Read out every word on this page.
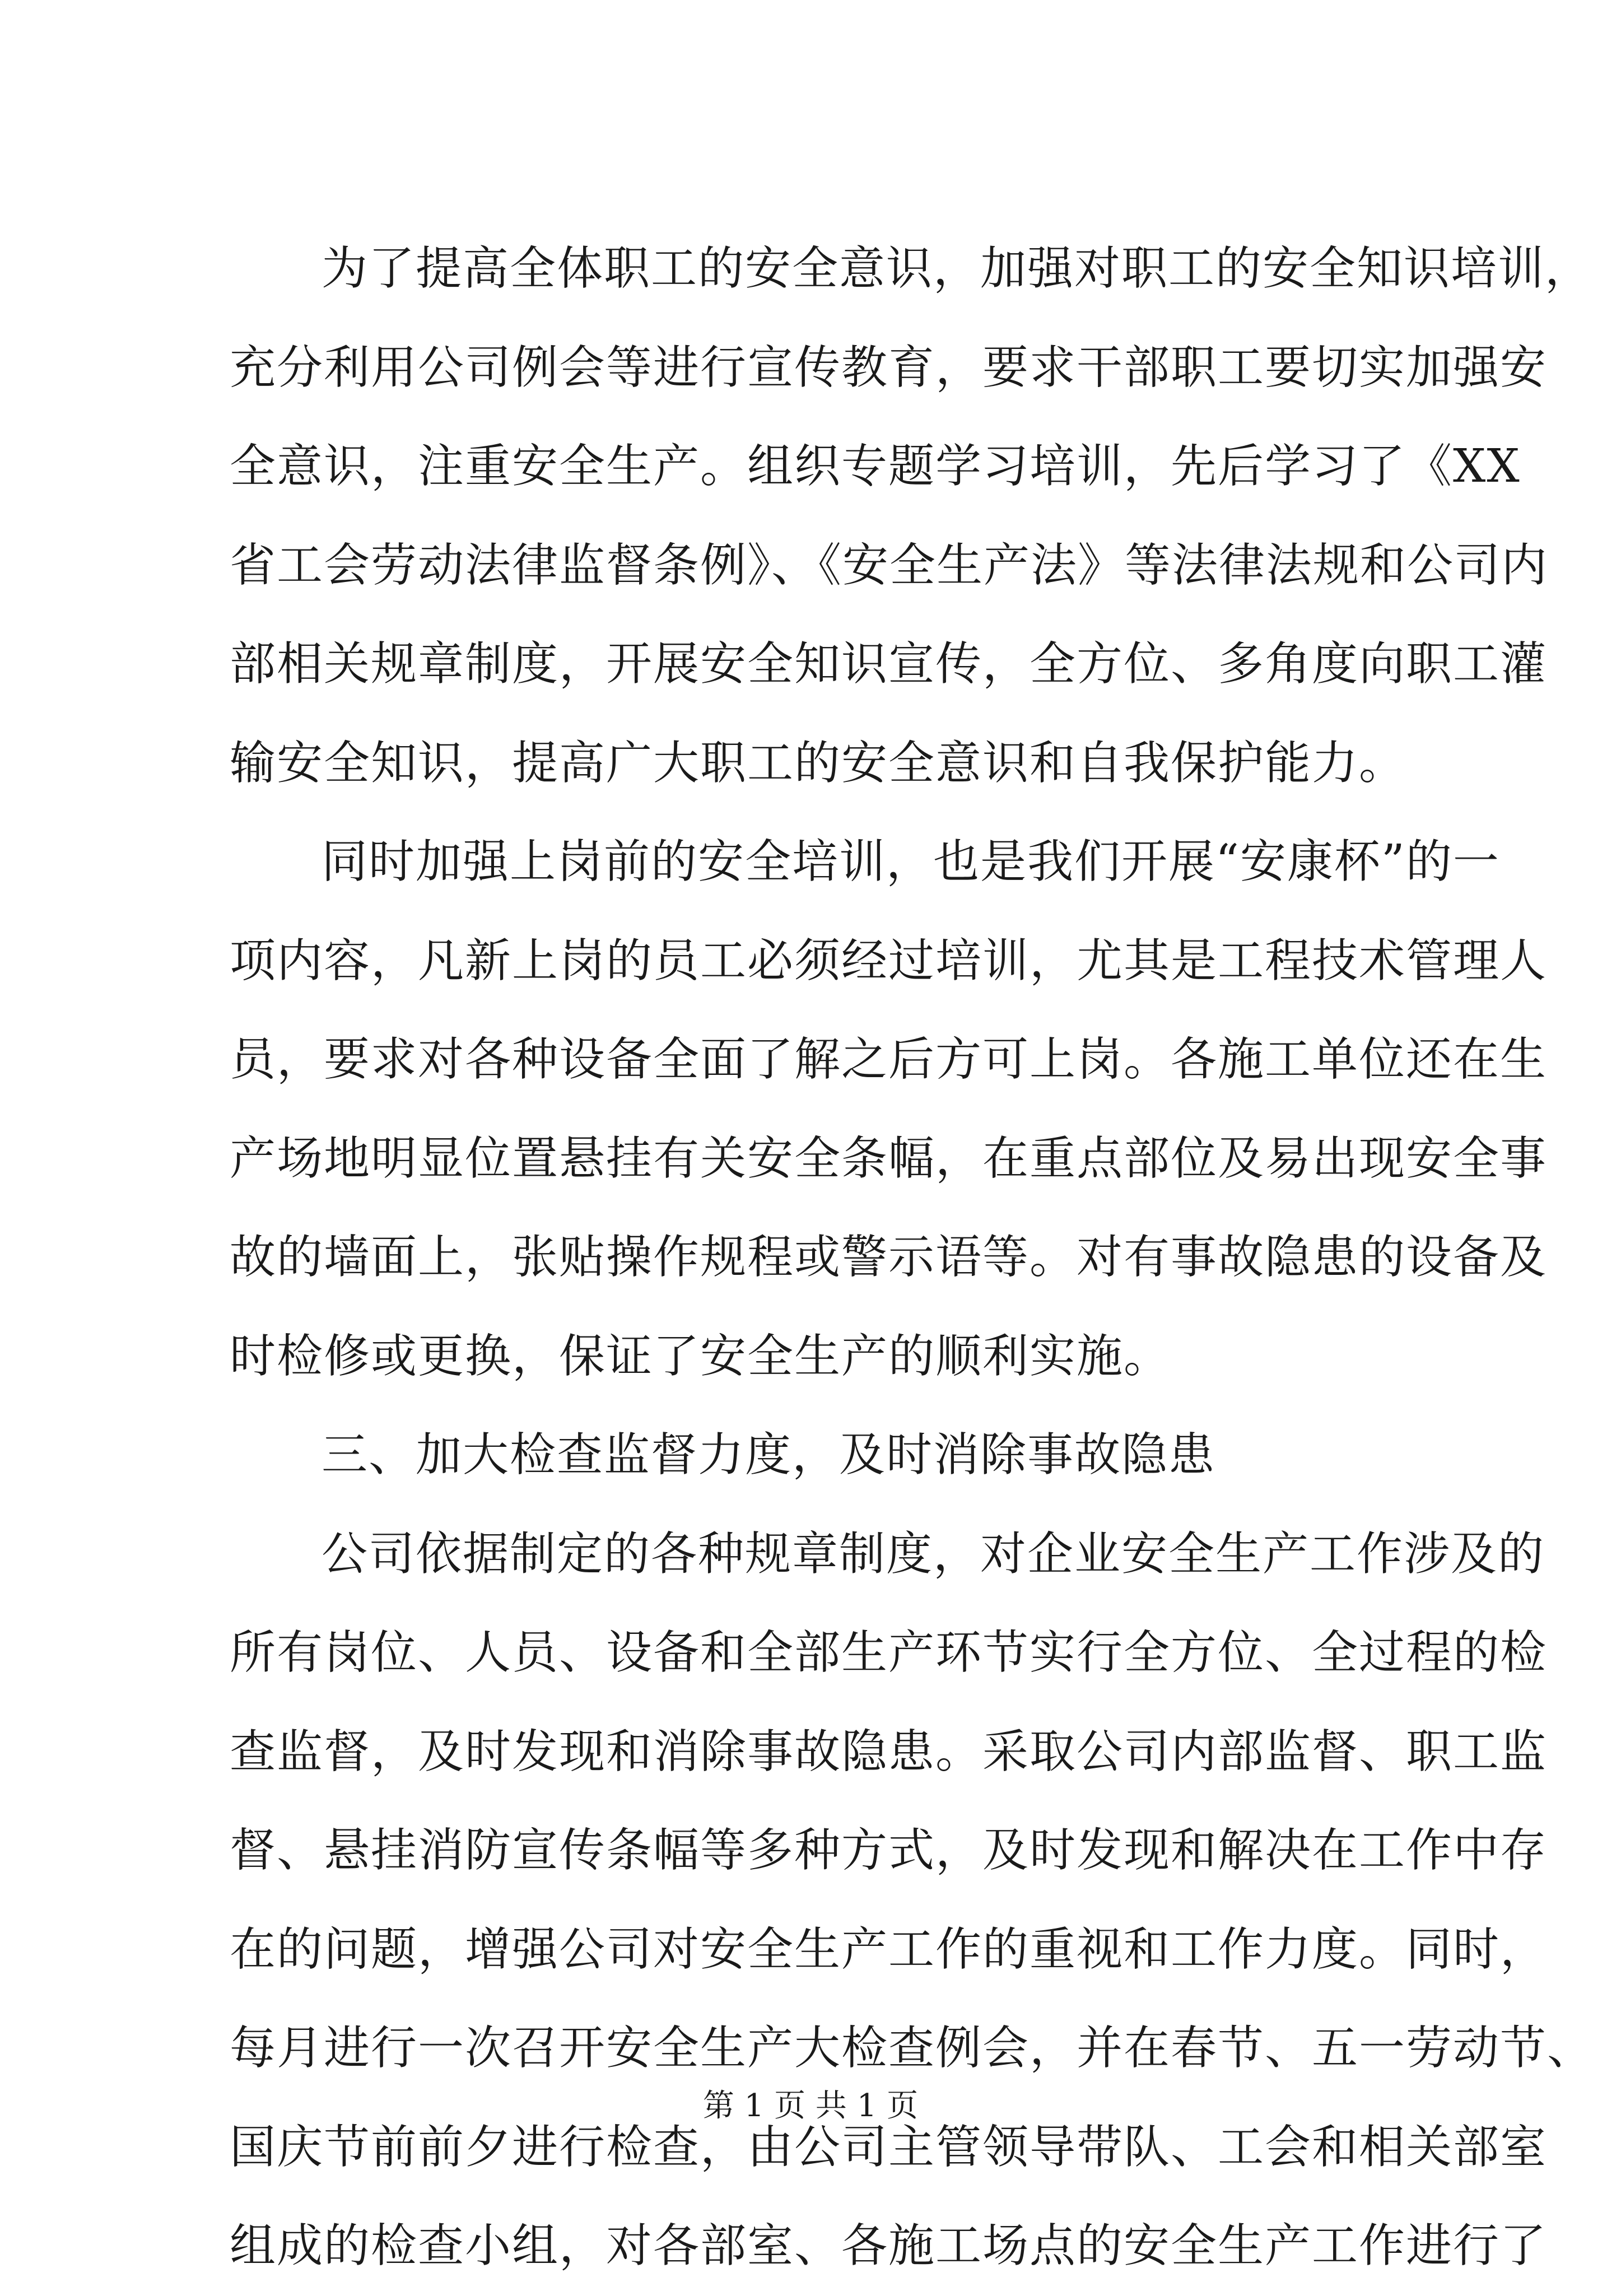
为了提高全体职工的安全意识，加强对职工的安全知识培训，
充分利用公司例会等进行宣传教育，要求干部职工要切实加强安
全意识，注重安全生产。组织专题学习培训，先后学习了《XX
省工会劳动法律监督条例》、《安全生产法》等法律法规和公司内
部相关规章制度，开展安全知识宣传，全方位、多角度向职工灌
输安全知识，提高广大职工的安全意识和自我保护能力。
同时加强上岗前的安全培训，也是我们开展“安康杯”的一
项内容，凡新上岗的员工必须经过培训，尤其是工程技术管理人
员，要求对各种设备全面了解之后方可上岗。各施工单位还在生
产场地明显位置悬挂有关安全条幅，在重点部位及易出现安全事
故的墙面上，张贴操作规程或警示语等。对有事故隐患的设备及
时检修或更换，保证了安全生产的顺利实施。
三、加大检查监督力度，及时消除事故隐患
公司依据制定的各种规章制度，对企业安全生产工作涉及的
所有岗位、人员、设备和全部生产环节实行全方位、全过程的检
查监督，及时发现和消除事故隐患。采取公司内部监督、职工监
督、悬挂消防宣传条幅等多种方式，及时发现和解决在工作中存
在的问题，增强公司对安全生产工作的重视和工作力度。同时，
每月进行一次召开安全生产大检查例会，并在春节、五一劳动节、
国庆节前前夕进行检查，由公司主管领导带队、工会和相关部室
组成的检查小组，对各部室、各施工场点的安全生产工作进行了
第 1 页 共 1 页
